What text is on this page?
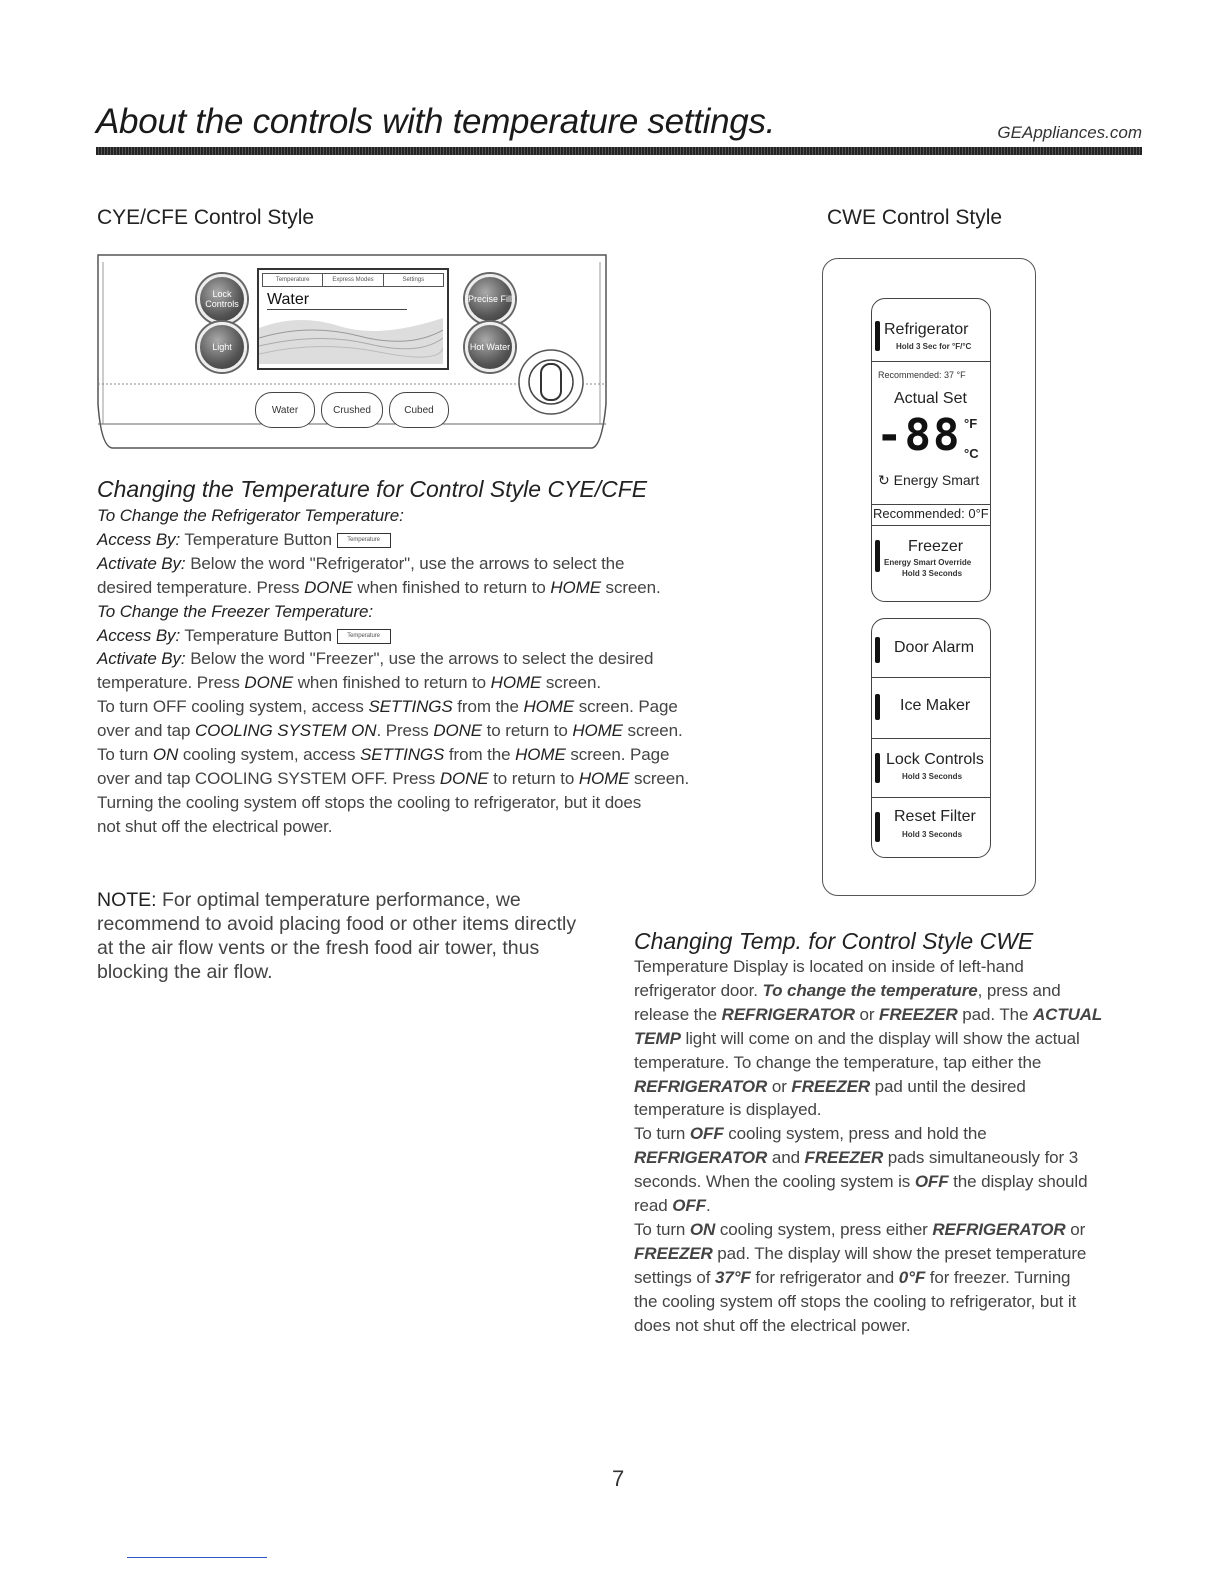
About the controls with temperature settings.	GEAppliances.com
CYE/CFE Control Style	CWE Control Style
Lock Controls
Light
Precise Fill
Hot Water
Temperature	Express Modes	Settings
Water
Water	Crushed	Cubed
Changing the Temperature for Control Style CYE/CFE
To Change the Refrigerator Temperature:
Access By: Temperature Button	Temperature
Activate By: Below the word "Refrigerator", use the arrows to select the
desired temperature. Press DONE when finished to return to HOME screen.
To Change the Freezer Temperature:
Access By: Temperature Button	Temperature
Activate By: Below the word "Freezer", use the arrows to select the desired
temperature. Press DONE when finished to return to HOME screen.
To turn OFF cooling system, access SETTINGS from the HOME screen. Page
over and tap COOLING SYSTEM ON. Press DONE to return to HOME screen.
To turn ON cooling system, access SETTINGS from the HOME screen. Page
over and tap COOLING SYSTEM OFF. Press DONE to return to HOME screen.
Turning the cooling system off stops the cooling to refrigerator, but it does
not shut off the electrical power.
NOTE: For optimal temperature performance, we
recommend to avoid placing food or other items directly
at the air flow vents or the fresh food air tower, thus
blocking the air flow.
Refrigerator
Hold 3 Sec for °F/°C
Recommended: 37 °F
Actual Set
-88 °F
°C
↻ Energy Smart
Recommended: 0°F
Freezer
Energy Smart Override
Hold 3 Seconds
Door Alarm
Ice Maker
Lock Controls
Hold 3 Seconds
Reset Filter
Hold 3 Seconds
Changing Temp. for Control Style CWE
Temperature Display is located on inside of left-hand
refrigerator door. To change the temperature, press and
release the REFRIGERATOR or FREEZER pad. The ACTUAL
TEMP light will come on and the display will show the actual
temperature. To change the temperature, tap either the
REFRIGERATOR or FREEZER pad until the desired
temperature is displayed.
To turn OFF cooling system, press and hold the
REFRIGERATOR and FREEZER pads simultaneously for 3
seconds. When the cooling system is OFF the display should
read OFF.
To turn ON cooling system, press either REFRIGERATOR or
FREEZER pad. The display will show the preset temperature
settings of 37°F for refrigerator and 0°F for freezer. Turning
the cooling system off stops the cooling to refrigerator, but it
does not shut off the electrical power.
7
